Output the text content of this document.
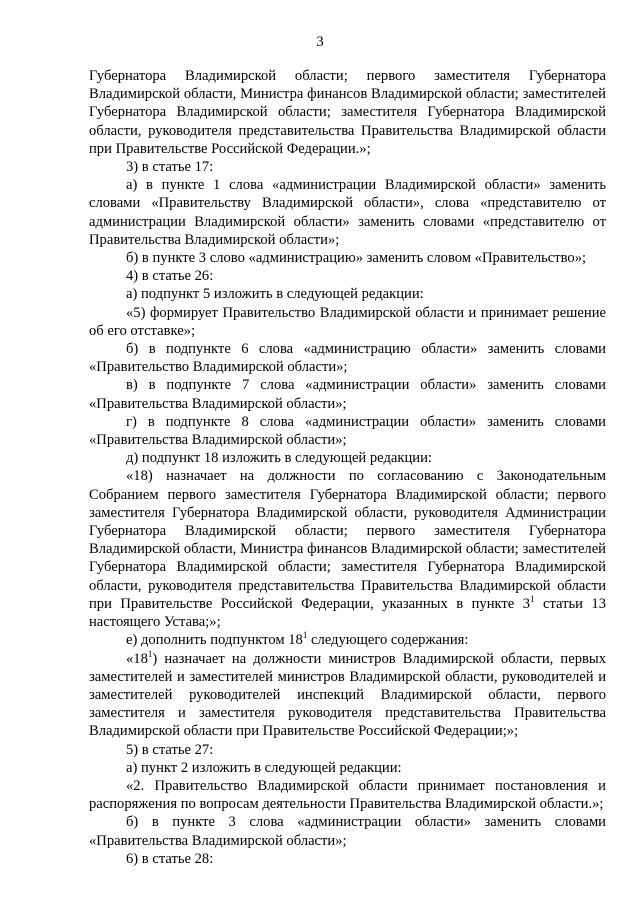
3

Губернатора Владимирской области; первого заместителя Губернатора Владимирской области, Министра финансов Владимирской области; заместителей Губернатора Владимирской области; заместителя Губернатора Владимирской области, руководителя представительства Правительства Владимирской области при Правительстве Российской Федерации.»;

3) в статье 17:

а) в пункте 1 слова «администрации Владимирской области» заменить словами «Правительству Владимирской области», слова «представителю от администрации Владимирской области» заменить словами «представителю от Правительства Владимирской области»;

б) в пункте 3 слово «администрацию» заменить словом «Правительство»;

4) в статье 26:

а) подпункт 5 изложить в следующей редакции:

«5) формирует Правительство Владимирской области и принимает решение об его отставке»;

б) в подпункте 6 слова «администрацию области» заменить словами «Правительство Владимирской области»;

в) в подпункте 7 слова «администрации области» заменить словами «Правительства Владимирской области»;

г) в подпункте 8 слова «администрации области» заменить словами «Правительства Владимирской области»;

д) подпункт 18 изложить в следующей редакции:

«18) назначает на должности по согласованию с Законодательным Собранием первого заместителя Губернатора Владимирской области; первого заместителя Губернатора Владимирской области, руководителя Администрации Губернатора Владимирской области; первого заместителя Губернатора Владимирской области, Министра финансов Владимирской области; заместителей Губернатора Владимирской области; заместителя Губернатора Владимирской области, руководителя представительства Правительства Владимирской области при Правительстве Российской Федерации, указанных в пункте $3^1$ статьи 13 настоящего Устава;»;

е) дополнить подпунктом $18^1$ следующего содержания:

«$18^1$) назначает на должности министров Владимирской области, первых заместителей и заместителей министров Владимирской области, руководителей и заместителей руководителей инспекций Владимирской области, первого заместителя и заместителя руководителя представительства Правительства Владимирской области при Правительстве Российской Федерации;»;

5) в статье 27:

а) пункт 2 изложить в следующей редакции:

«2. Правительство Владимирской области принимает постановления и распоряжения по вопросам деятельности Правительства Владимирской области.»;

б) в пункте 3 слова «администрации области» заменить словами «Правительства Владимирской области»;

6) в статье 28:
